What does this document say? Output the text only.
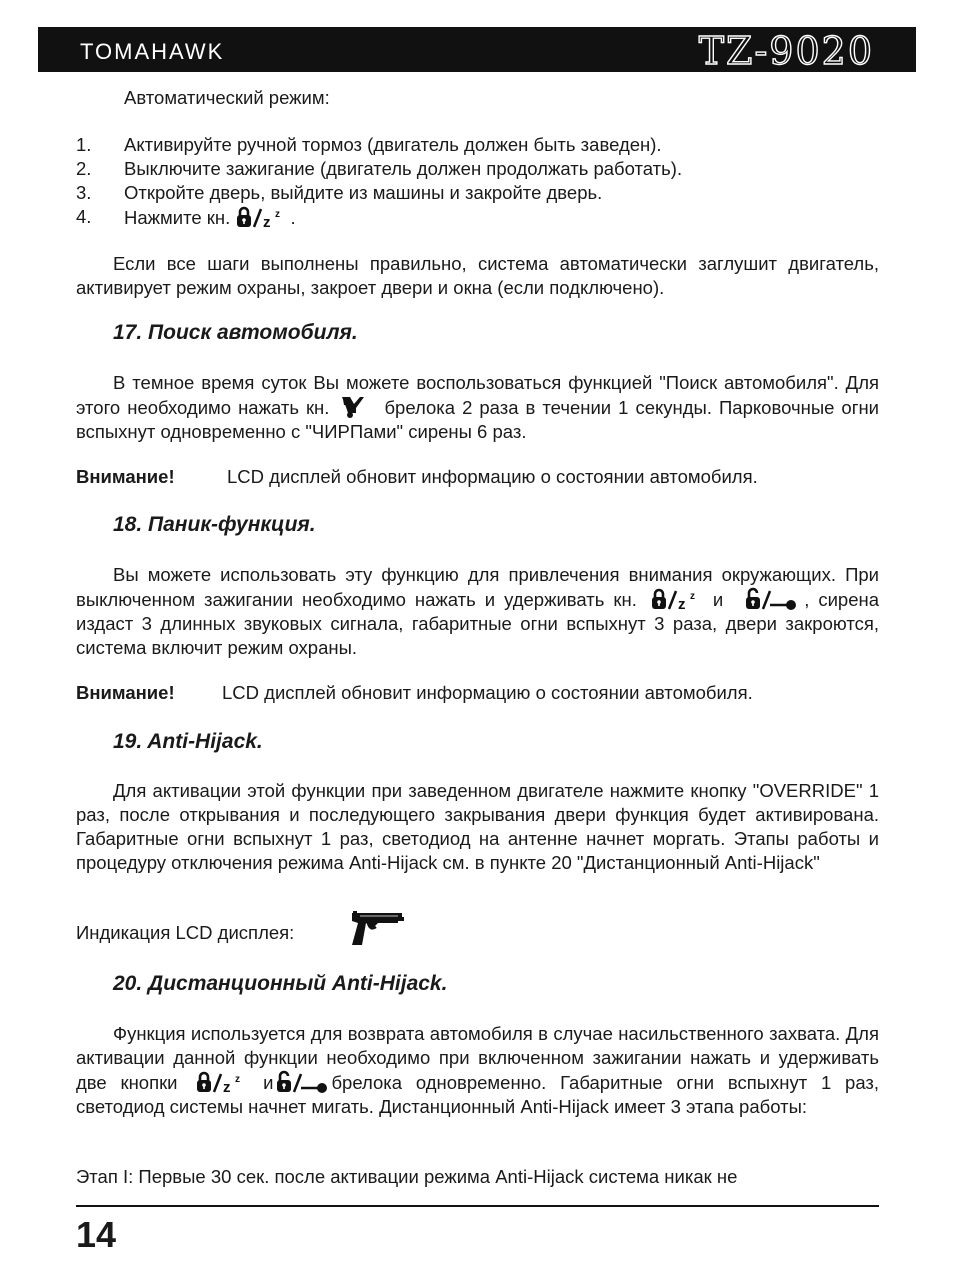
TOMAHAWK	TZ-9020

Автоматический режим:

1. Активируйте ручной тормоз (двигатель должен быть заведен).
2. Выключите зажигание (двигатель должен продолжать работать).
3. Откройте дверь, выйдите из машины и закройте дверь.
4. Нажмите кн. z z .

Если все шаги выполнены правильно, система автоматически заглушит двигатель, активирует режим охраны, закроет двери и окна (если подключено).

17. Поиск автомобиля.

В темное время суток Вы можете воспользоваться функцией "Поиск автомобиля". Для этого необходимо нажать кн.	брелока 2 раза в течении 1 секунды. Парковочные огни вспыхнут одновременно с "ЧИРПами" сирены 6 раз.

Внимание!	LCD дисплей обновит информацию о состоянии автомобиля.
18. Паник-функция.

Вы можете использовать эту функцию для привлечения внимания окружающих. При выключенном зажигании необходимо нажать и удерживать кн.	z z и	, сирена издаст 3 длинных звуковых сигнала, габаритные огни вспыхнут 3 раза, двери закроются, система включит режим охраны.

Внимание!	LCD дисплей обновит информацию о состоянии автомобиля.
19. Anti-Hijack.

Для активации этой функции при заведенном двигателе нажмите кнопку "OVERRIDE" 1 раз, после открывания и последующего закрывания двери функция будет активирована. Габаритные огни вспыхнут 1 раз, светодиод на антенне начнет моргать. Этапы работы и процедуру отключения режима Anti-Hijack см. в пункте 20 "Дистанционный Anti-Hijack"

Индикация LCD дисплея:
20. Дистанционный Anti-Hijack.

Функция используется для возврата автомобиля в случае насильственного захвата. Для активации данной функции необходимо при включенном зажигании нажать и удерживать две кнопки	z z и	брелока одновременно. Габаритные огни вспыхнут 1 раз, светодиод системы начнет мигать. Дистанционный Anti-Hijack имеет 3 этапа работы:

Этап I: Первые 30 сек. после активации режима Anti-Hijack система никак не

14
